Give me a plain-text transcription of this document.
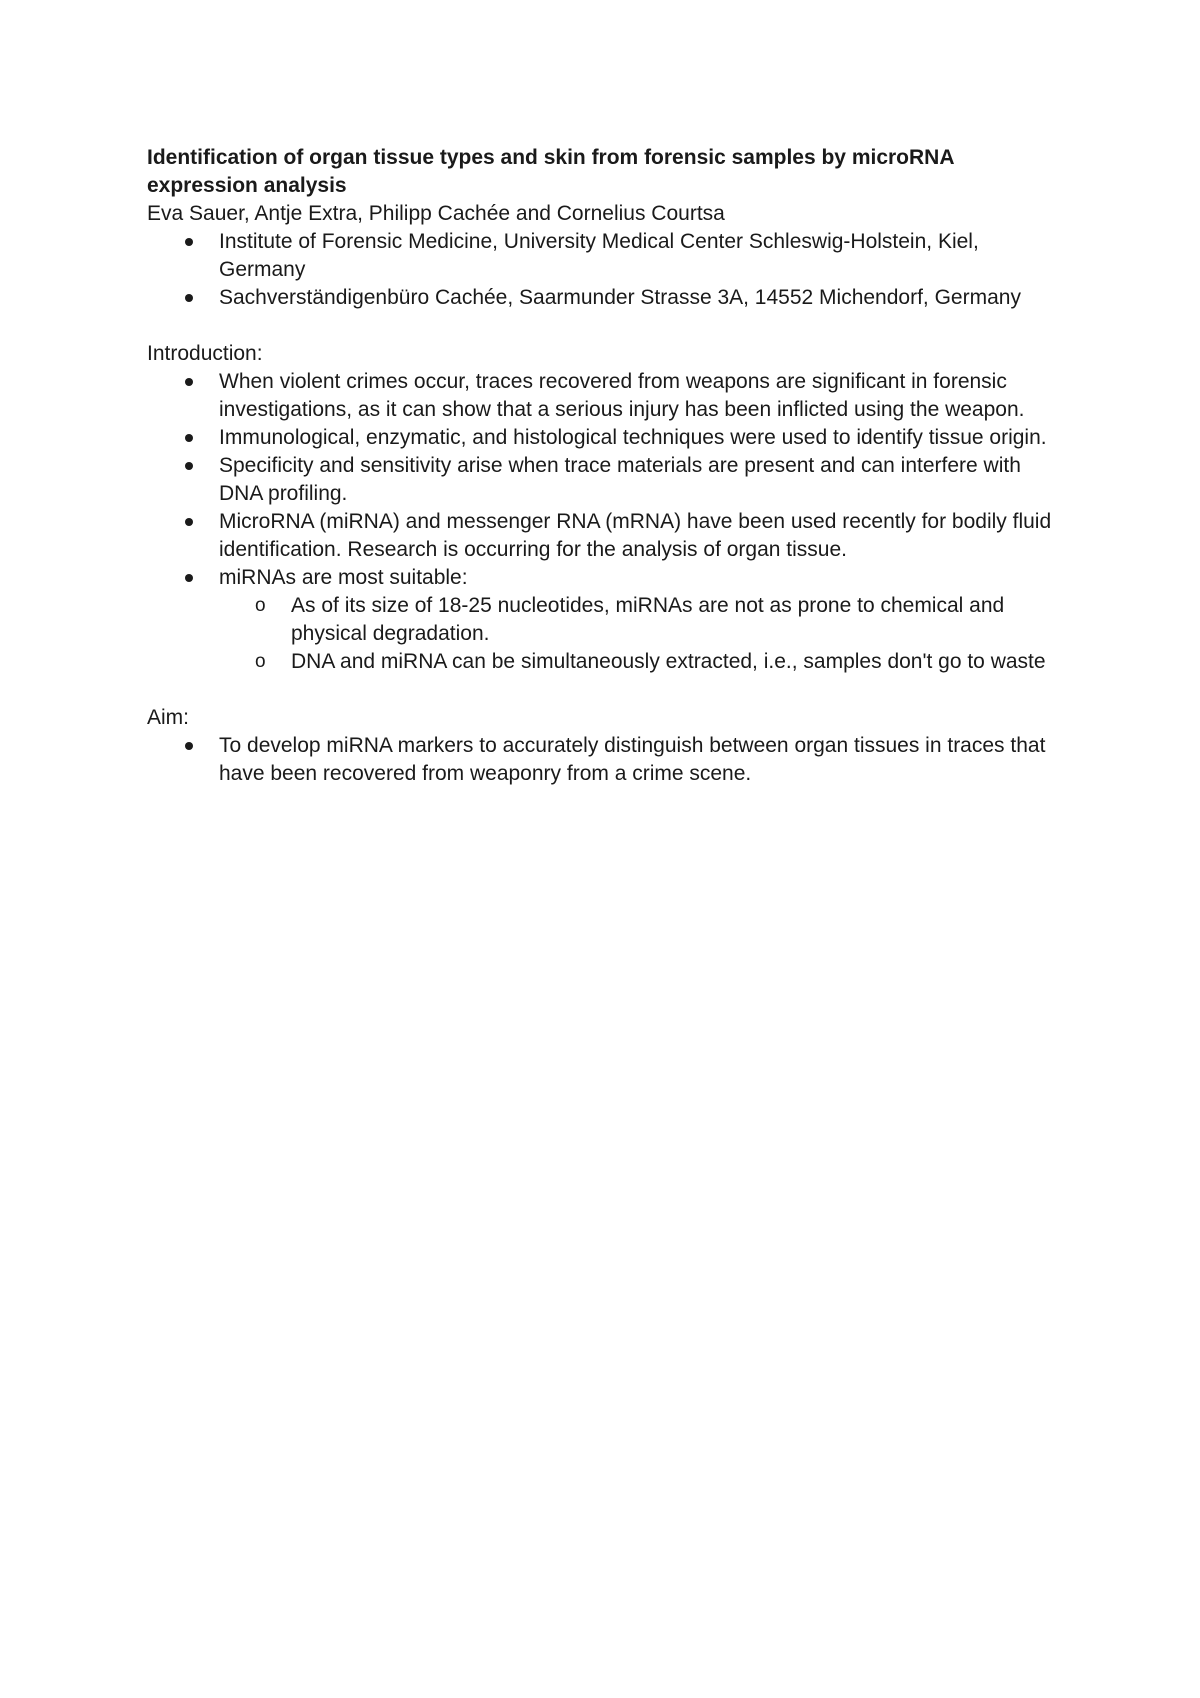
Identification of organ tissue types and skin from forensic samples by microRNA expression analysis

Eva Sauer, Antje Extra, Philipp Cachée and Cornelius Courtsa

Institute of Forensic Medicine, University Medical Center Schleswig-Holstein, Kiel, Germany
Sachverständigenbüro Cachée, Saarmunder Strasse 3A, 14552 Michendorf, Germany

Introduction:

When violent crimes occur, traces recovered from weapons are significant in forensic investigations, as it can show that a serious injury has been inflicted using the weapon.
Immunological, enzymatic, and histological techniques were used to identify tissue origin.
Specificity and sensitivity arise when trace materials are present and can interfere with DNA profiling.
MicroRNA (miRNA) and messenger RNA (mRNA) have been used recently for bodily fluid identification. Research is occurring for the analysis of organ tissue.
miRNAs are most suitable:
o As of its size of 18-25 nucleotides, miRNAs are not as prone to chemical and physical degradation.
o DNA and miRNA can be simultaneously extracted, i.e., samples don't go to waste

Aim:

To develop miRNA markers to accurately distinguish between organ tissues in traces that have been recovered from weaponry from a crime scene.
